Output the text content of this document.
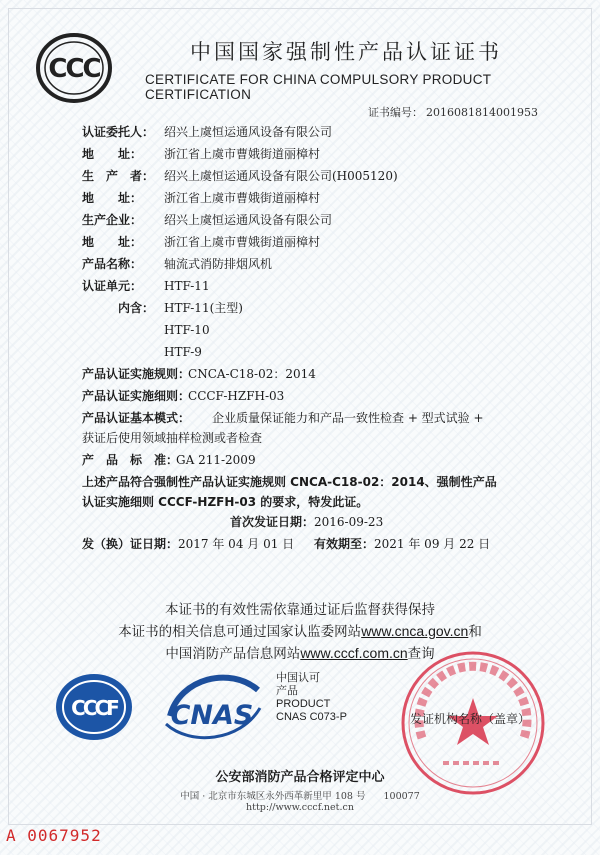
CCC
中国国家强制性产品认证证书
CERTIFICATE FOR CHINA COMPULSORY PRODUCT CERTIFICATION
证书编号： 2016081814001953
认证委托人： 绍兴上虞恒运通风设备有限公司
地　　址： 浙江省上虞市曹娥街道丽樟村
生　产　者： 绍兴上虞恒运通风设备有限公司(H005120)
地　　址： 浙江省上虞市曹娥街道丽樟村
生产企业： 绍兴上虞恒运通风设备有限公司
地　　址： 浙江省上虞市曹娥街道丽樟村
产品名称： 轴流式消防排烟风机
认证单元： HTF-11
内含： HTF-11(主型)
HTF-10
HTF-9
产品认证实施规则：CNCA-C18-02：2014
产品认证实施细则：CCCF-HZFH-03
产品认证基本模式： 企业质量保证能力和产品一致性检查 + 型式试验 +
获证后使用领域抽样检测或者检查
产　品　标　准：GA 211-2009
上述产品符合强制性产品认证实施规则 CNCA-C18-02：2014、强制性产品
认证实施细则 CCCF-HZFH-03 的要求，特发此证。
首次发证日期：2016-09-23
发（换）证日期：2017 年 04 月 01 日 有效期至：2021 年 09 月 22 日
本证书的有效性需依靠通过证后监督获得保持
本证书的相关信息可通过国家认监委网站www.cnca.gov.cn和
中国消防产品信息网站www.cccf.com.cn查询
CCCF CNAS
中国认可
产品
PRODUCT
CNAS C073-P	发证机构名称（盖章）
公安部消防产品合格评定中心
中国 · 北京市东城区永外西革新里甲 108 号 100077
http://www.cccf.net.cn
A 0067952
